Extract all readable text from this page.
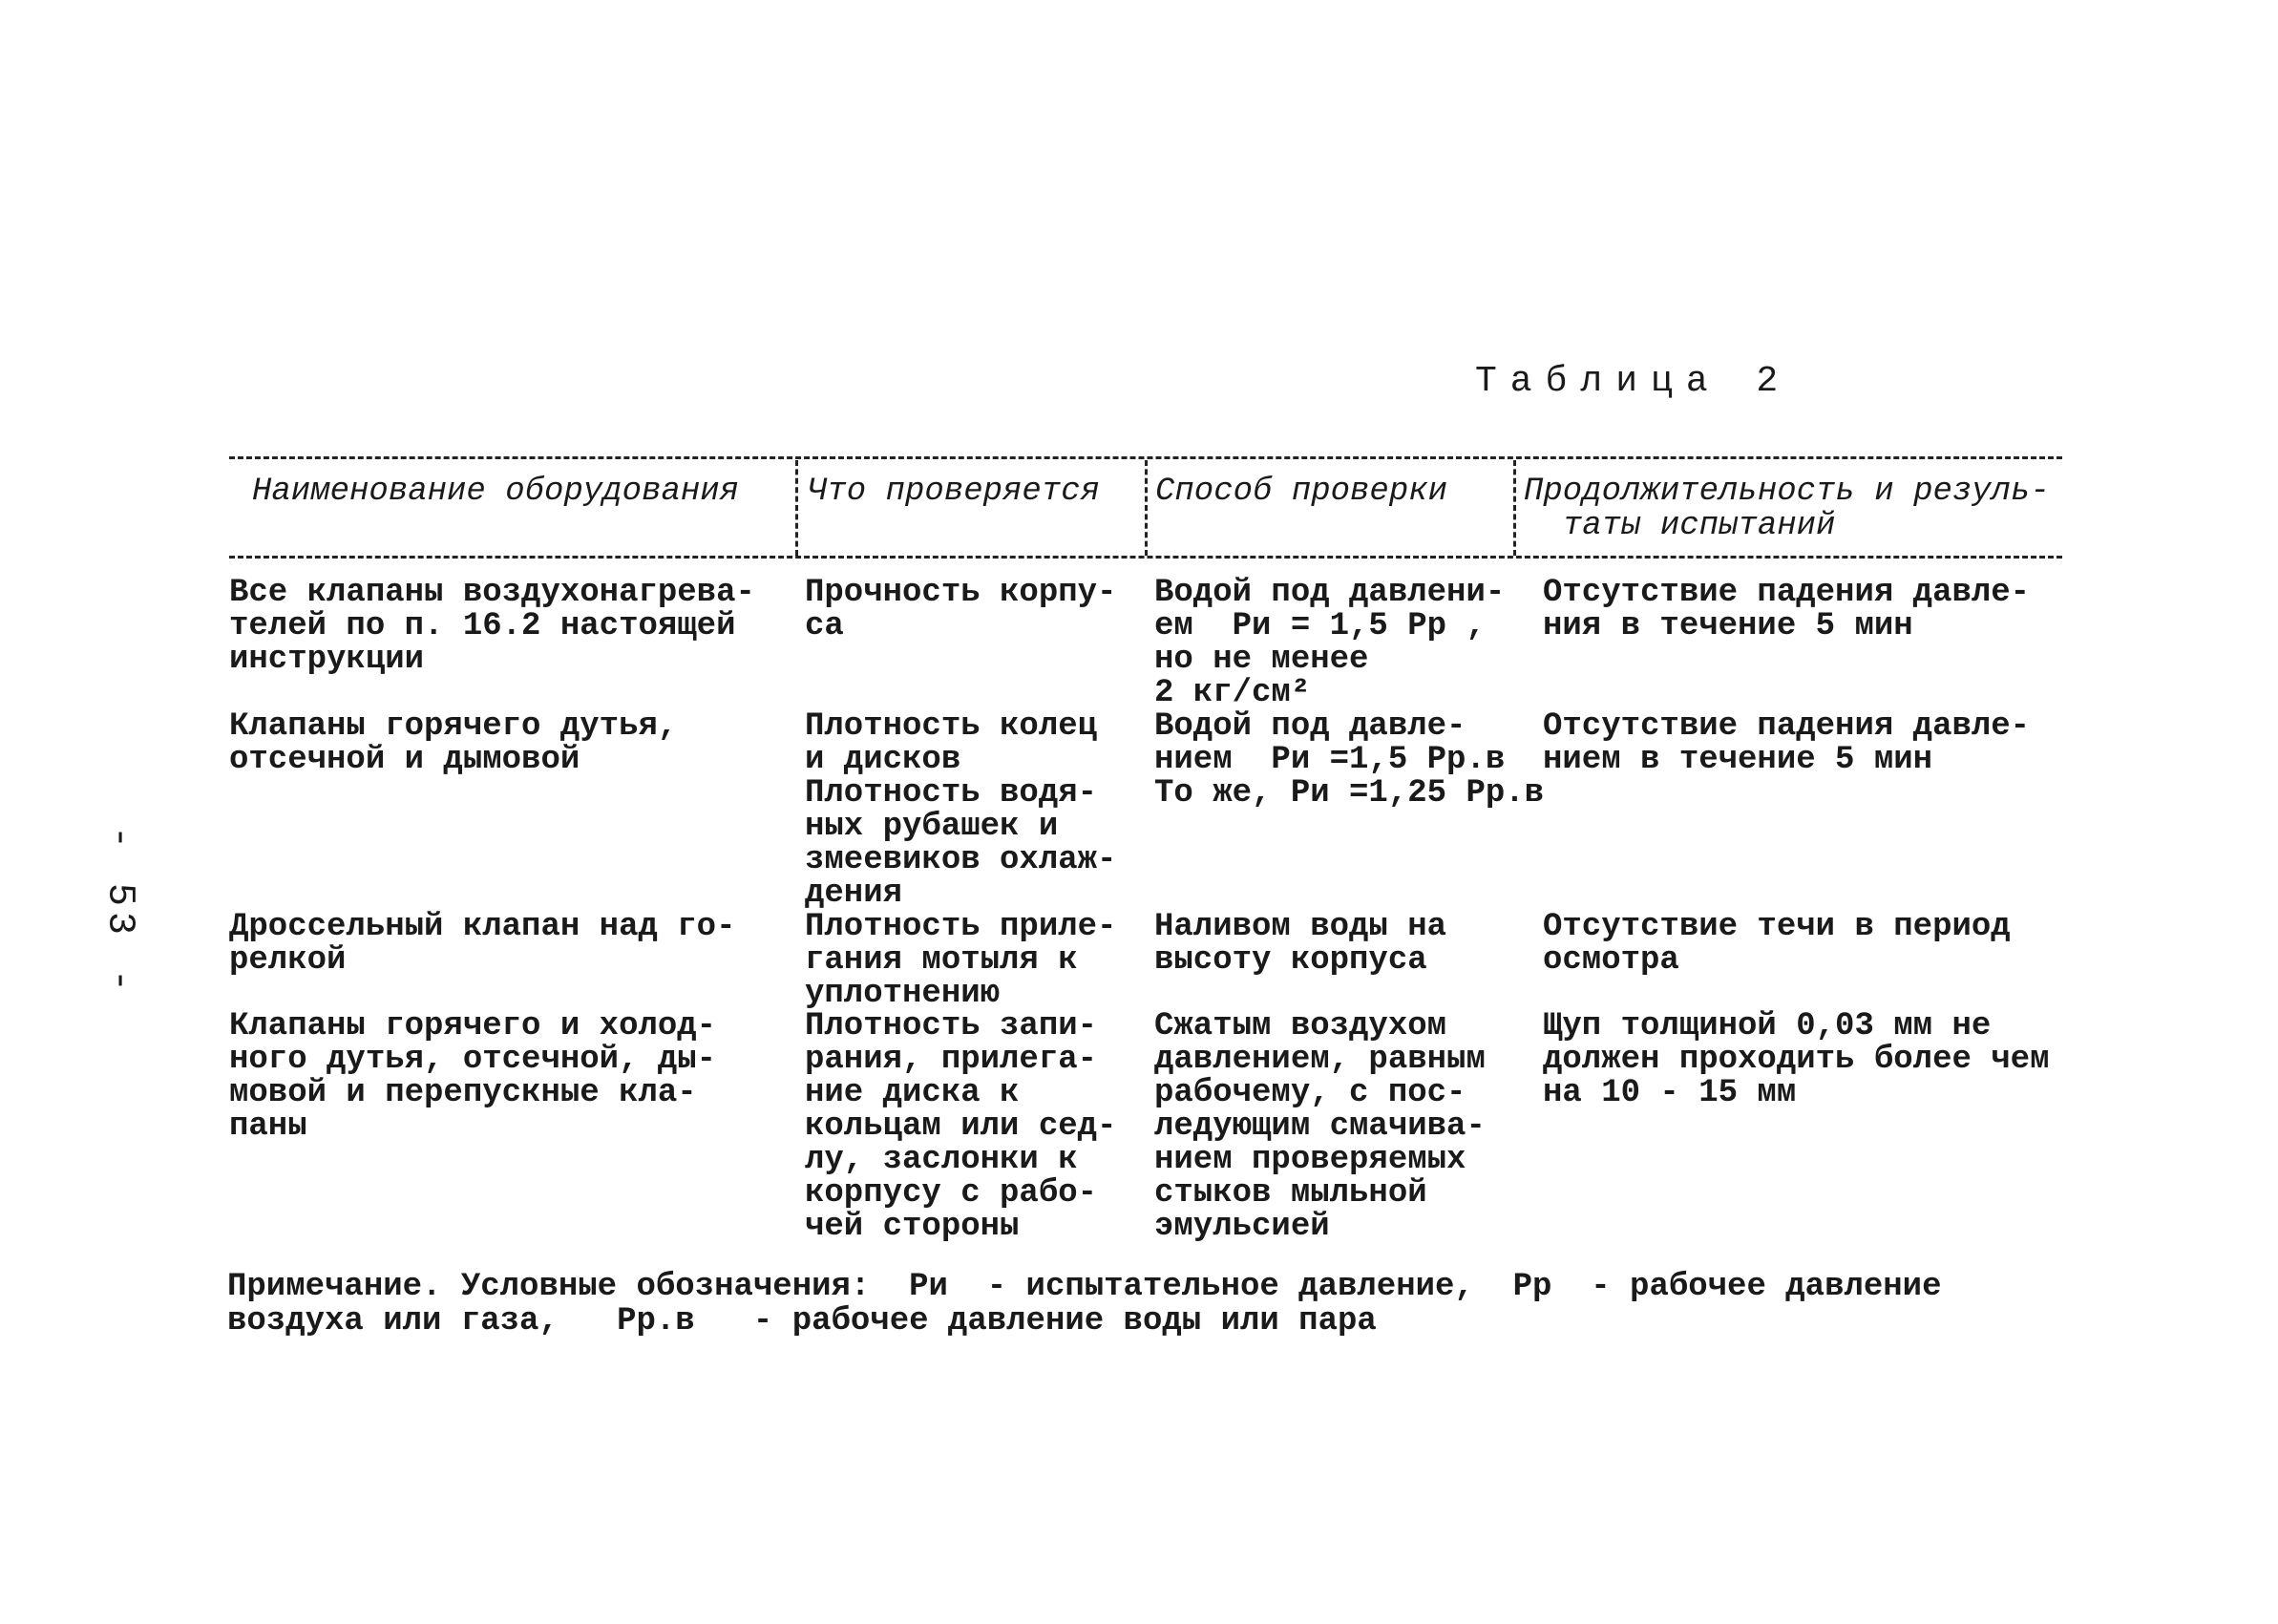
Таблица 2
- 53 -
Наименование оборудования Что проверяется Способ проверки Продолжительность и резуль-
таты испытаний
Все клапаны воздухонагрева-
телей по п. 16.2 настоящей
инструкции
Прочность корпу-
са
Водой под давлени-
ем  Pи = 1,5 Pр ,
но не менее
2 кг/см²
Отсутствие падения давле-
ния в течение 5 мин
Клапаны горячего дутья,
отсечной и дымовой
Плотность колец
и дисков
Плотность водя-
ных рубашек и
змеевиков охлаж-
дения
Водой под давле-
нием  Pи =1,5 Pр.в
То же, Pи =1,25 Pр.в
Отсутствие падения давле-
нием в течение 5 мин
Дроссельный клапан над го-
релкой
Плотность приле-
гания мотыля к
уплотнению
Наливом воды на
высоту корпуса
Отсутствие течи в период
осмотра
Клапаны горячего и холод-
ного дутья, отсечной, ды-
мовой и перепускные кла-
паны
Плотность запи-
рания, прилега-
ние диска к
кольцам или сед-
лу, заслонки к
корпусу с рабо-
чей стороны
Сжатым воздухом
давлением, равным
рабочему, с пос-
ледующим смачива-
нием проверяемых
стыков мыльной
эмульсией
Щуп толщиной 0,03 мм не
должен проходить более чем
на 10 - 15 мм
Примечание. Условные обозначения:  Pи  - испытательное давление,  Pр  - рабочее давление
воздуха или газа,   Pр.в   - рабочее давление воды или пара
